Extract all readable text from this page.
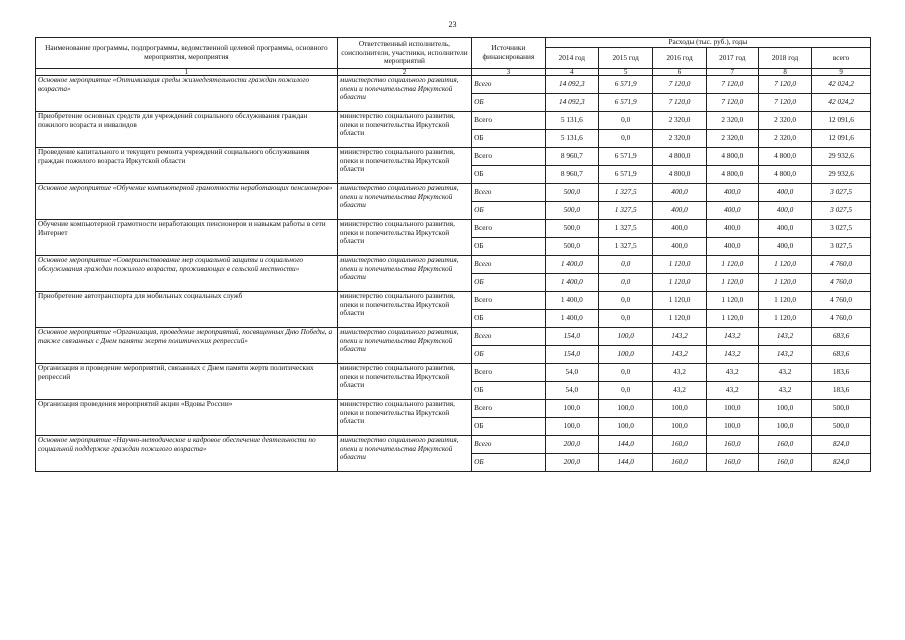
23
Наименование программы, подпрограммы, ведомственной целевой программы, основного мероприятия, мероприятия	Ответственный исполнитель, соисполнители, участники, исполнители мероприятий	Источники финансирования	Расходы (тыс. руб.), годы					
			2014 год	2015 год	2016 год	2017 год	2018 год	всего
1	2	3	4	5	6	7	8	9
Основное мероприятие «Оптимизация среды жизнедеятельности граждан пожилого возраста»	министерство социального развития, опеки и попечительства Иркутской области	Всего	14 092,3	6 571,9	7 120,0	7 120,0	7 120,0	42 024,2
		ОБ	14 092,3	6 571,9	7 120,0	7 120,0	7 120,0	42 024,2
Приобретение основных средств для учреждений социального обслуживания граждан пожилого возраста и инвалидов	министерство социального развития, опеки и попечительства Иркутской области	Всего	5 131,6	0,0	2 320,0	2 320,0	2 320,0	12 091,6
		ОБ	5 131,6	0,0	2 320,0	2 320,0	2 320,0	12 091,6
Проведение капитального и текущего ремонта учреждений социального обслуживания граждан пожилого возраста Иркутской области	министерство социального развития, опеки и попечительства Иркутской области	Всего	8 960,7	6 571,9	4 800,0	4 800,0	4 800,0	29 932,6
		ОБ	8 960,7	6 571,9	4 800,0	4 800,0	4 800,0	29 932,6
Основное мероприятие «Обучение компьютерной грамотности неработающих пенсионеров»	министерство социального развития, опеки и попечительства Иркутской области	Всего	500,0	1 327,5	400,0	400,0	400,0	3 027,5
		ОБ	500,0	1 327,5	400,0	400,0	400,0	3 027,5
Обучение компьютерной грамотности неработающих пенсионеров и навыкам работы в сети Интернет	министерство социального развития, опеки и попечительства Иркутской области	Всего	500,0	1 327,5	400,0	400,0	400,0	3 027,5
		ОБ	500,0	1 327,5	400,0	400,0	400,0	3 027,5
Основное мероприятие «Совершенствование мер социальной защиты и социального обслуживания граждан пожилого возраста, проживающих в сельской местности»	министерство социального развития, опеки и попечительства Иркутской области	Всего	1 400,0	0,0	1 120,0	1 120,0	1 120,0	4 760,0
		ОБ	1 400,0	0,0	1 120,0	1 120,0	1 120,0	4 760,0
Приобретение автотранспорта для мобильных социальных служб	министерство социального развития, опеки и попечительства Иркутской области	Всего	1 400,0	0,0	1 120,0	1 120,0	1 120,0	4 760,0
		ОБ	1 400,0	0,0	1 120,0	1 120,0	1 120,0	4 760,0
Основное мероприятие «Организация, проведение мероприятий, посвященных Дню Победы, а также связанных с Днем памяти жертв политических репрессий»	министерство социального развития, опеки и попечительства Иркутской области	Всего	154,0	100,0	143,2	143,2	143,2	683,6
		ОБ	154,0	100,0	143,2	143,2	143,2	683,6
Организация и проведение мероприятий, связанных с Днем памяти жертв политических репрессий	министерство социального развития, опеки и попечительства Иркутской области	Всего	54,0	0,0	43,2	43,2	43,2	183,6
		ОБ	54,0	0,0	43,2	43,2	43,2	183,6
Организация проведения мероприятий акции «Вдовы России»	министерство социального развития, опеки и попечительства Иркутской области	Всего	100,0	100,0	100,0	100,0	100,0	500,0
		ОБ	100,0	100,0	100,0	100,0	100,0	500,0
Основное мероприятие «Научно-методическое и кадровое обеспечение деятельности по социальной поддержке граждан пожилого возраста»	министерство социального развития, опеки и попечительства Иркутской области	Всего	200,0	144,0	160,0	160,0	160,0	824,0
		ОБ	200,0	144,0	160,0	160,0	160,0	824,0
